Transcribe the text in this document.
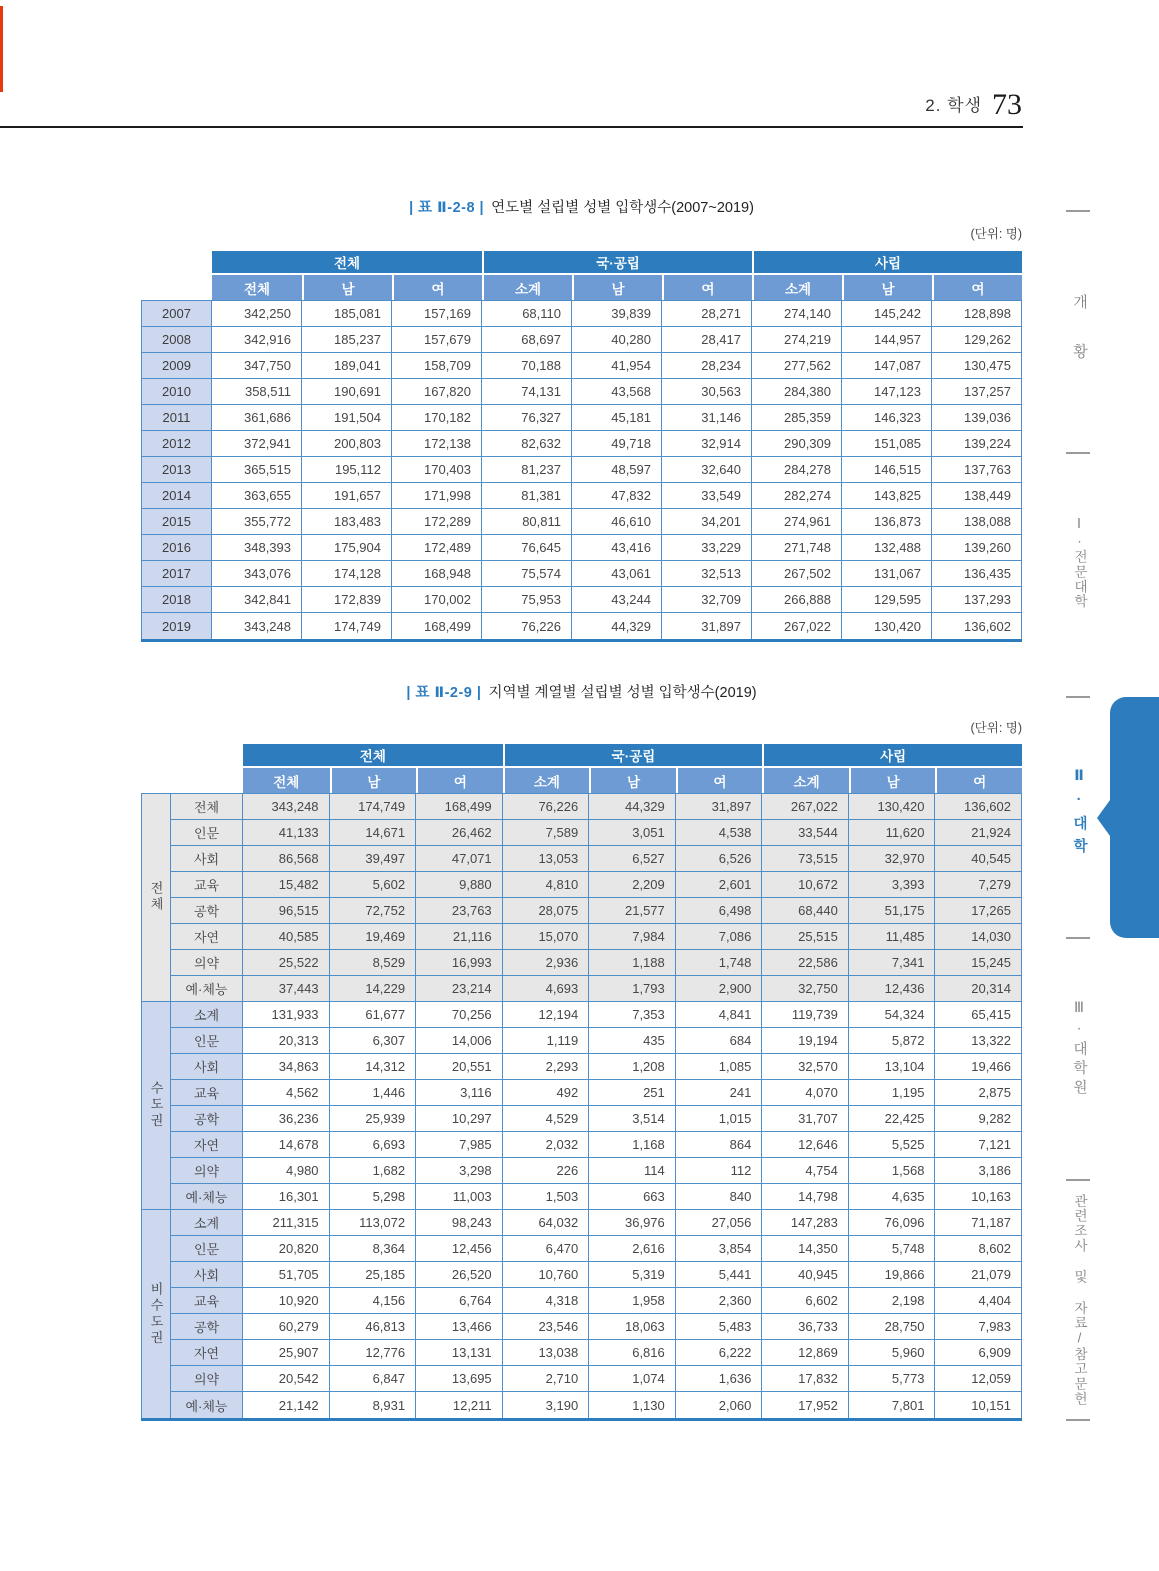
2. 학생 73
| 표 Ⅱ-2-8 | 연도별 설립별 성별 입학생수(2007~2019)
(단위: 명)
전체	국·공립	사립
전체	남	여	소계	남	여	소계	남	여
2007	342,250	185,081	157,169	68,110	39,839	28,271	274,140	145,242	128,898
2008	342,916	185,237	157,679	68,697	40,280	28,417	274,219	144,957	129,262
2009	347,750	189,041	158,709	70,188	41,954	28,234	277,562	147,087	130,475
2010	358,511	190,691	167,820	74,131	43,568	30,563	284,380	147,123	137,257
2011	361,686	191,504	170,182	76,327	45,181	31,146	285,359	146,323	139,036
2012	372,941	200,803	172,138	82,632	49,718	32,914	290,309	151,085	139,224
2013	365,515	195,112	170,403	81,237	48,597	32,640	284,278	146,515	137,763
2014	363,655	191,657	171,998	81,381	47,832	33,549	282,274	143,825	138,449
2015	355,772	183,483	172,289	80,811	46,610	34,201	274,961	136,873	138,088
2016	348,393	175,904	172,489	76,645	43,416	33,229	271,748	132,488	139,260
2017	343,076	174,128	168,948	75,574	43,061	32,513	267,502	131,067	136,435
2018	342,841	172,839	170,002	75,953	43,244	32,709	266,888	129,595	137,293
2019	343,248	174,749	168,499	76,226	44,329	31,897	267,022	130,420	136,602
| 표 Ⅱ-2-9 | 지역별 계열별 설립별 성별 입학생수(2019)
(단위: 명)
전체	국·공립	사립
전체	남	여	소계	남	여	소계	남	여
전체
전체	343,248	174,749	168,499	76,226	44,329	31,897	267,022	130,420	136,602
인문	41,133	14,671	26,462	7,589	3,051	4,538	33,544	11,620	21,924
사회	86,568	39,497	47,071	13,053	6,527	6,526	73,515	32,970	40,545
교육	15,482	5,602	9,880	4,810	2,209	2,601	10,672	3,393	7,279
공학	96,515	72,752	23,763	28,075	21,577	6,498	68,440	51,175	17,265
자연	40,585	19,469	21,116	15,070	7,984	7,086	25,515	11,485	14,030
의약	25,522	8,529	16,993	2,936	1,188	1,748	22,586	7,341	15,245
예·체능	37,443	14,229	23,214	4,693	1,793	2,900	32,750	12,436	20,314
수도권
소계	131,933	61,677	70,256	12,194	7,353	4,841	119,739	54,324	65,415
인문	20,313	6,307	14,006	1,119	435	684	19,194	5,872	13,322
사회	34,863	14,312	20,551	2,293	1,208	1,085	32,570	13,104	19,466
교육	4,562	1,446	3,116	492	251	241	4,070	1,195	2,875
공학	36,236	25,939	10,297	4,529	3,514	1,015	31,707	22,425	9,282
자연	14,678	6,693	7,985	2,032	1,168	864	12,646	5,525	7,121
의약	4,980	1,682	3,298	226	114	112	4,754	1,568	3,186
예·체능	16,301	5,298	11,003	1,503	663	840	14,798	4,635	10,163
비수도권
소계	211,315	113,072	98,243	64,032	36,976	27,056	147,283	76,096	71,187
인문	20,820	8,364	12,456	6,470	2,616	3,854	14,350	5,748	8,602
사회	51,705	25,185	26,520	10,760	5,319	5,441	40,945	19,866	21,079
교육	10,920	4,156	6,764	4,318	1,958	2,360	6,602	2,198	4,404
공학	60,279	46,813	13,466	23,546	18,063	5,483	36,733	28,750	7,983
자연	25,907	12,776	13,131	13,038	6,816	6,222	12,869	5,960	6,909
의약	20,542	6,847	13,695	2,710	1,074	1,636	17,832	5,773	12,059
예·체능	21,142	8,931	12,211	3,190	1,130	2,060	17,952	7,801	10,151
개황
Ⅰ·전문대학
Ⅱ·대학
Ⅲ·대학원
관련조사 및 자료/참고문헌
